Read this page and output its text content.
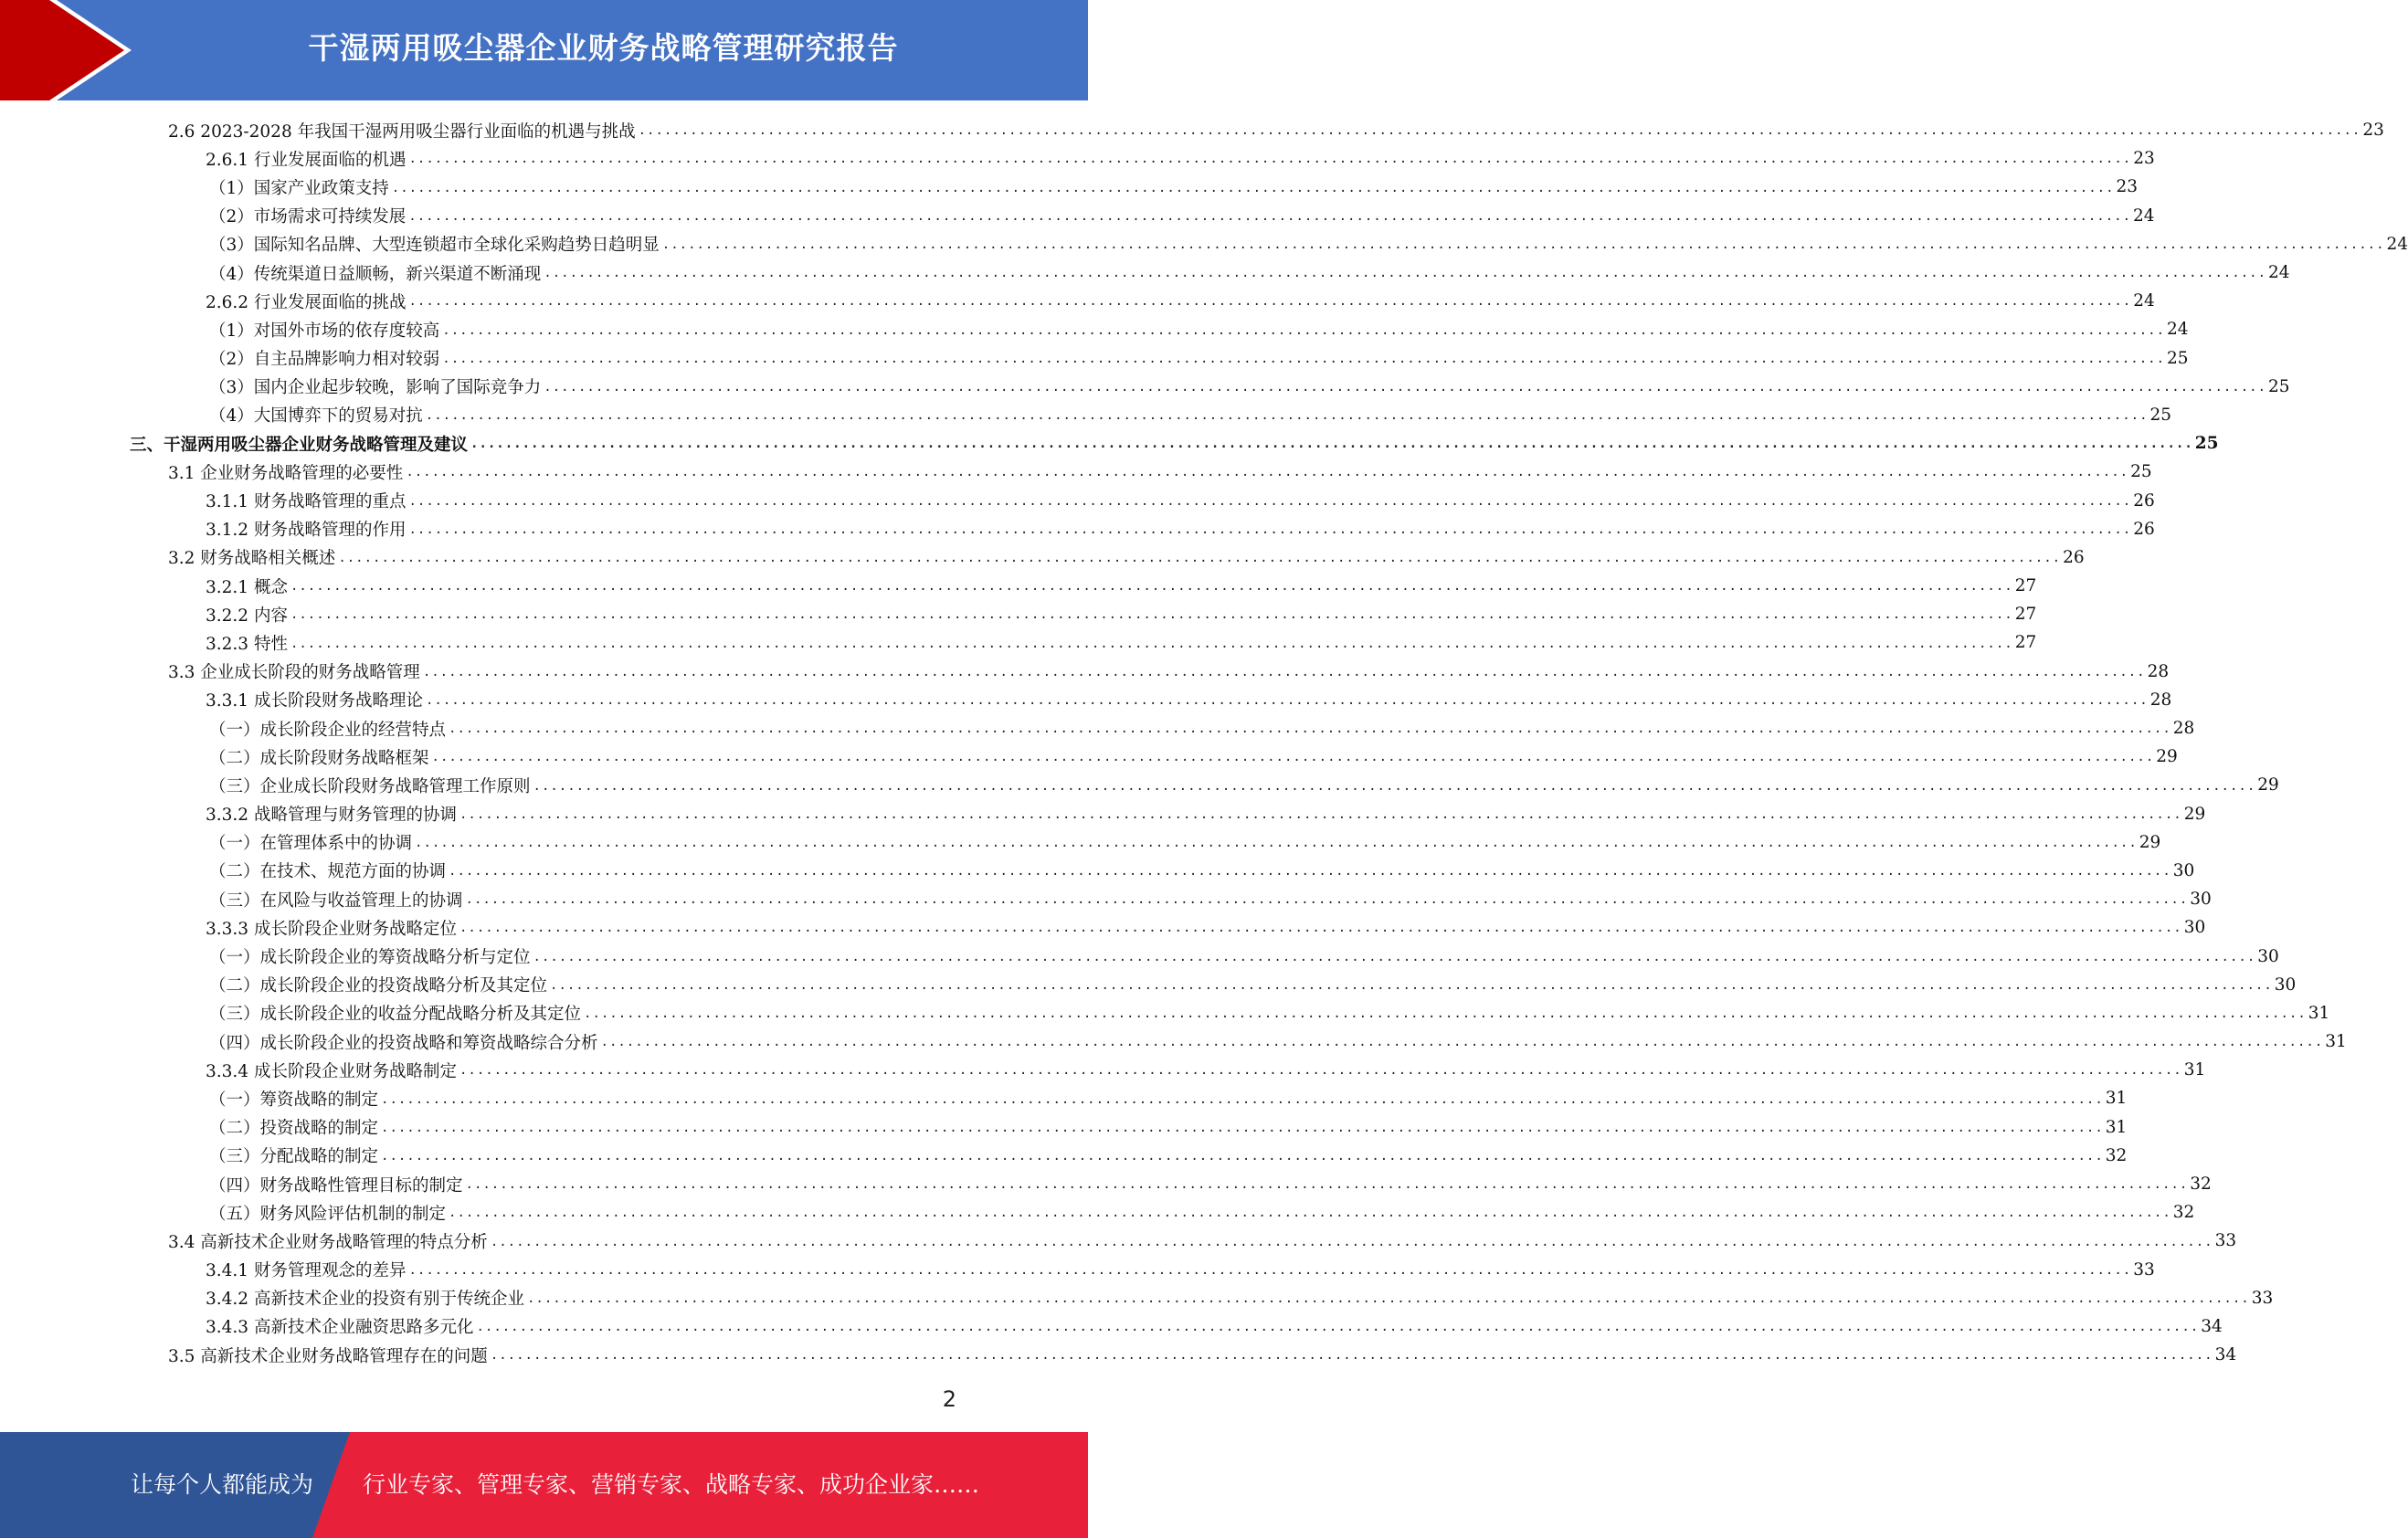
干湿两用吸尘器企业财务战略管理研究报告
2.6 2023-2028 年我国干湿两用吸尘器行业面临的机遇与挑战 ........................................................................................................................................................................................................ 23
2.6.1 行业发展面临的机遇 ........................................................................................................................................................................................................ 23
（1）国家产业政策支持 ........................................................................................................................................................................................................ 23
（2）市场需求可持续发展 ........................................................................................................................................................................................................ 24
（3）国际知名品牌、大型连锁超市全球化采购趋势日趋明显 ........................................................................................................................................................................................................ 24
（4）传统渠道日益顺畅，新兴渠道不断涌现 ........................................................................................................................................................................................................ 24
2.6.2 行业发展面临的挑战 ........................................................................................................................................................................................................ 24
（1）对国外市场的依存度较高 ........................................................................................................................................................................................................ 24
（2）自主品牌影响力相对较弱 ........................................................................................................................................................................................................ 25
（3）国内企业起步较晚，影响了国际竞争力 ........................................................................................................................................................................................................ 25
（4）大国博弈下的贸易对抗 ........................................................................................................................................................................................................ 25
三、干湿两用吸尘器企业财务战略管理及建议 ........................................................................................................................................................................................................ 25
3.1 企业财务战略管理的必要性 ........................................................................................................................................................................................................ 25
3.1.1 财务战略管理的重点 ........................................................................................................................................................................................................ 26
3.1.2 财务战略管理的作用 ........................................................................................................................................................................................................ 26
3.2 财务战略相关概述 ........................................................................................................................................................................................................ 26
3.2.1 概念 ........................................................................................................................................................................................................ 27
3.2.2 内容 ........................................................................................................................................................................................................ 27
3.2.3 特性 ........................................................................................................................................................................................................ 27
3.3 企业成长阶段的财务战略管理 ........................................................................................................................................................................................................ 28
3.3.1 成长阶段财务战略理论 ........................................................................................................................................................................................................ 28
（一）成长阶段企业的经营特点 ........................................................................................................................................................................................................ 28
（二）成长阶段财务战略框架 ........................................................................................................................................................................................................ 29
（三）企业成长阶段财务战略管理工作原则 ........................................................................................................................................................................................................ 29
3.3.2 战略管理与财务管理的协调 ........................................................................................................................................................................................................ 29
（一）在管理体系中的协调 ........................................................................................................................................................................................................ 29
（二）在技术、规范方面的协调 ........................................................................................................................................................................................................ 30
（三）在风险与收益管理上的协调 ........................................................................................................................................................................................................ 30
3.3.3 成长阶段企业财务战略定位 ........................................................................................................................................................................................................ 30
（一）成长阶段企业的筹资战略分析与定位 ........................................................................................................................................................................................................ 30
（二）成长阶段企业的投资战略分析及其定位 ........................................................................................................................................................................................................ 30
（三）成长阶段企业的收益分配战略分析及其定位 ........................................................................................................................................................................................................ 31
（四）成长阶段企业的投资战略和筹资战略综合分析 ........................................................................................................................................................................................................ 31
3.3.4 成长阶段企业财务战略制定 ........................................................................................................................................................................................................ 31
（一）筹资战略的制定 ........................................................................................................................................................................................................ 31
（二）投资战略的制定 ........................................................................................................................................................................................................ 31
（三）分配战略的制定 ........................................................................................................................................................................................................ 32
（四）财务战略性管理目标的制定 ........................................................................................................................................................................................................ 32
（五）财务风险评估机制的制定 ........................................................................................................................................................................................................ 32
3.4 高新技术企业财务战略管理的特点分析 ........................................................................................................................................................................................................ 33
3.4.1 财务管理观念的差异 ........................................................................................................................................................................................................ 33
3.4.2 高新技术企业的投资有别于传统企业 ........................................................................................................................................................................................................ 33
3.4.3 高新技术企业融资思路多元化 ........................................................................................................................................................................................................ 34
3.5 高新技术企业财务战略管理存在的问题 ........................................................................................................................................................................................................ 34
2
让每个人都能成为 行业专家、管理专家、营销专家、战略专家、成功企业家……
